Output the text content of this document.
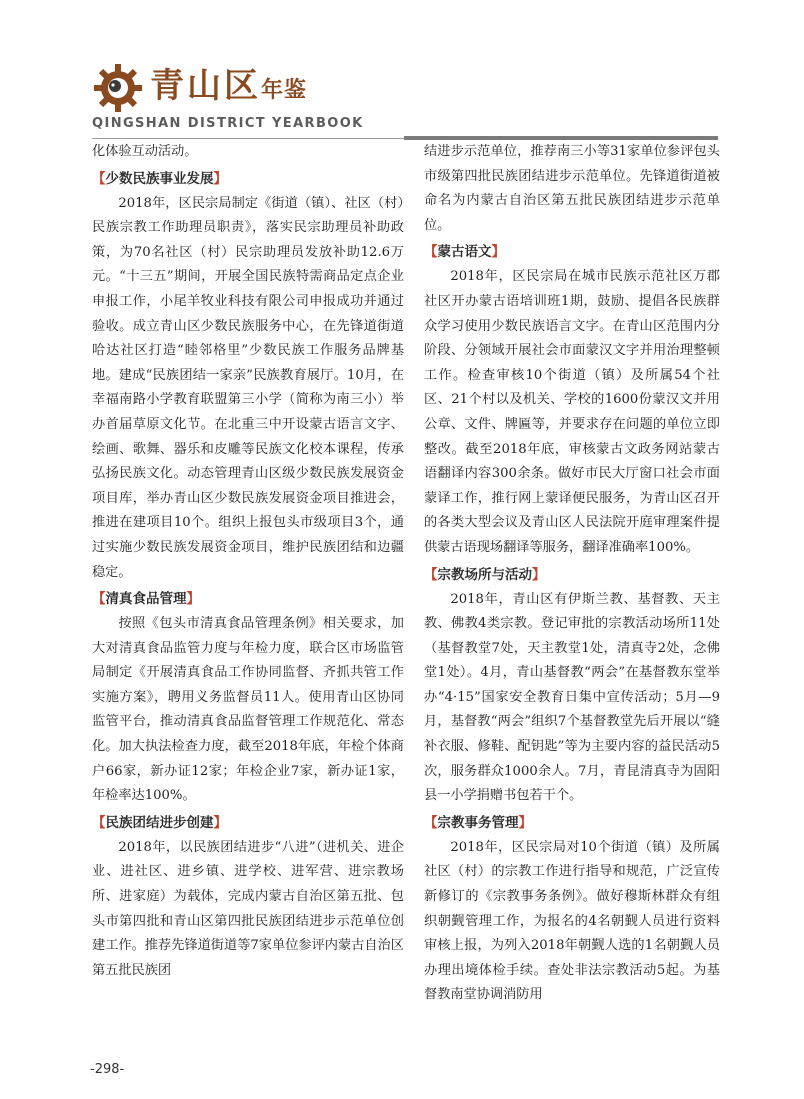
青山区年鉴
QINGSHAN DISTRICT YEARBOOK

化体验互动活动。

【少数民族事业发展】

2018年，区民宗局制定《街道（镇）、社区（村）民族宗教工作助理员职责》，落实民宗助理员补助政策，为70名社区（村）民宗助理员发放补助12.6万元。“十三五”期间，开展全国民族特需商品定点企业申报工作，小尾羊牧业科技有限公司申报成功并通过验收。成立青山区少数民族服务中心，在先锋道街道哈达社区打造“睦邻格里”少数民族工作服务品牌基地。建成“民族团结一家亲”民族教育展厅。10月，在幸福南路小学教育联盟第三小学（简称为南三小）举办首届草原文化节。在北重三中开设蒙古语言文字、绘画、歌舞、器乐和皮雕等民族文化校本课程，传承弘扬民族文化。动态管理青山区级少数民族发展资金项目库，举办青山区少数民族发展资金项目推进会，推进在建项目10个。组织上报包头市级项目3个，通过实施少数民族发展资金项目，维护民族团结和边疆稳定。

【清真食品管理】

按照《包头市清真食品管理条例》相关要求，加大对清真食品监管力度与年检力度，联合区市场监管局制定《开展清真食品工作协同监督、齐抓共管工作实施方案》，聘用义务监督员11人。使用青山区协同监管平台，推动清真食品监督管理工作规范化、常态化。加大执法检查力度，截至2018年底，年检个体商户66家，新办证12家；年检企业7家，新办证1家，年检率达100%。

【民族团结进步创建】

2018年，以民族团结进步“八进”（进机关、进企业、进社区、进乡镇、进学校、进军营、进宗教场所、进家庭）为载体，完成内蒙古自治区第五批、包头市第四批和青山区第四批民族团结进步示范单位创建工作。推荐先锋道街道等7家单位参评内蒙古自治区第五批民族团

结进步示范单位，推荐南三小等31家单位参评包头市级第四批民族团结进步示范单位。先锋道街道被命名为内蒙古自治区第五批民族团结进步示范单位。

【蒙古语文】

2018年，区民宗局在城市民族示范社区万郡社区开办蒙古语培训班1期，鼓励、提倡各民族群众学习使用少数民族语言文字。在青山区范围内分阶段、分领域开展社会市面蒙汉文字并用治理整顿工作。检查审核10个街道（镇）及所属54个社区、21个村以及机关、学校的1600份蒙汉文并用公章、文件、牌匾等，并要求存在问题的单位立即整改。截至2018年底，审核蒙古文政务网站蒙古语翻译内容300余条。做好市民大厅窗口社会市面蒙译工作，推行网上蒙译便民服务，为青山区召开的各类大型会议及青山区人民法院开庭审理案件提供蒙古语现场翻译等服务，翻译准确率100%。

【宗教场所与活动】

2018年，青山区有伊斯兰教、基督教、天主教、佛教4类宗教。登记审批的宗教活动场所11处（基督教堂7处，天主教堂1处，清真寺2处，念佛堂1处）。4月，青山基督教“两会”在基督教东堂举办“4·15”国家安全教育日集中宣传活动；5月—9月，基督教“两会”组织7个基督教堂先后开展以“缝补衣服、修鞋、配钥匙”等为主要内容的益民活动5次，服务群众1000余人。7月，青昆清真寺为固阳县一小学捐赠书包若干个。

【宗教事务管理】

2018年，区民宗局对10个街道（镇）及所属社区（村）的宗教工作进行指导和规范，广泛宣传新修订的《宗教事务条例》。做好穆斯林群众有组织朝觐管理工作，为报名的4名朝觐人员进行资料审核上报，为列入2018年朝觐人选的1名朝觐人员办理出境体检手续。查处非法宗教活动5起。为基督教南堂协调消防用

-298-
